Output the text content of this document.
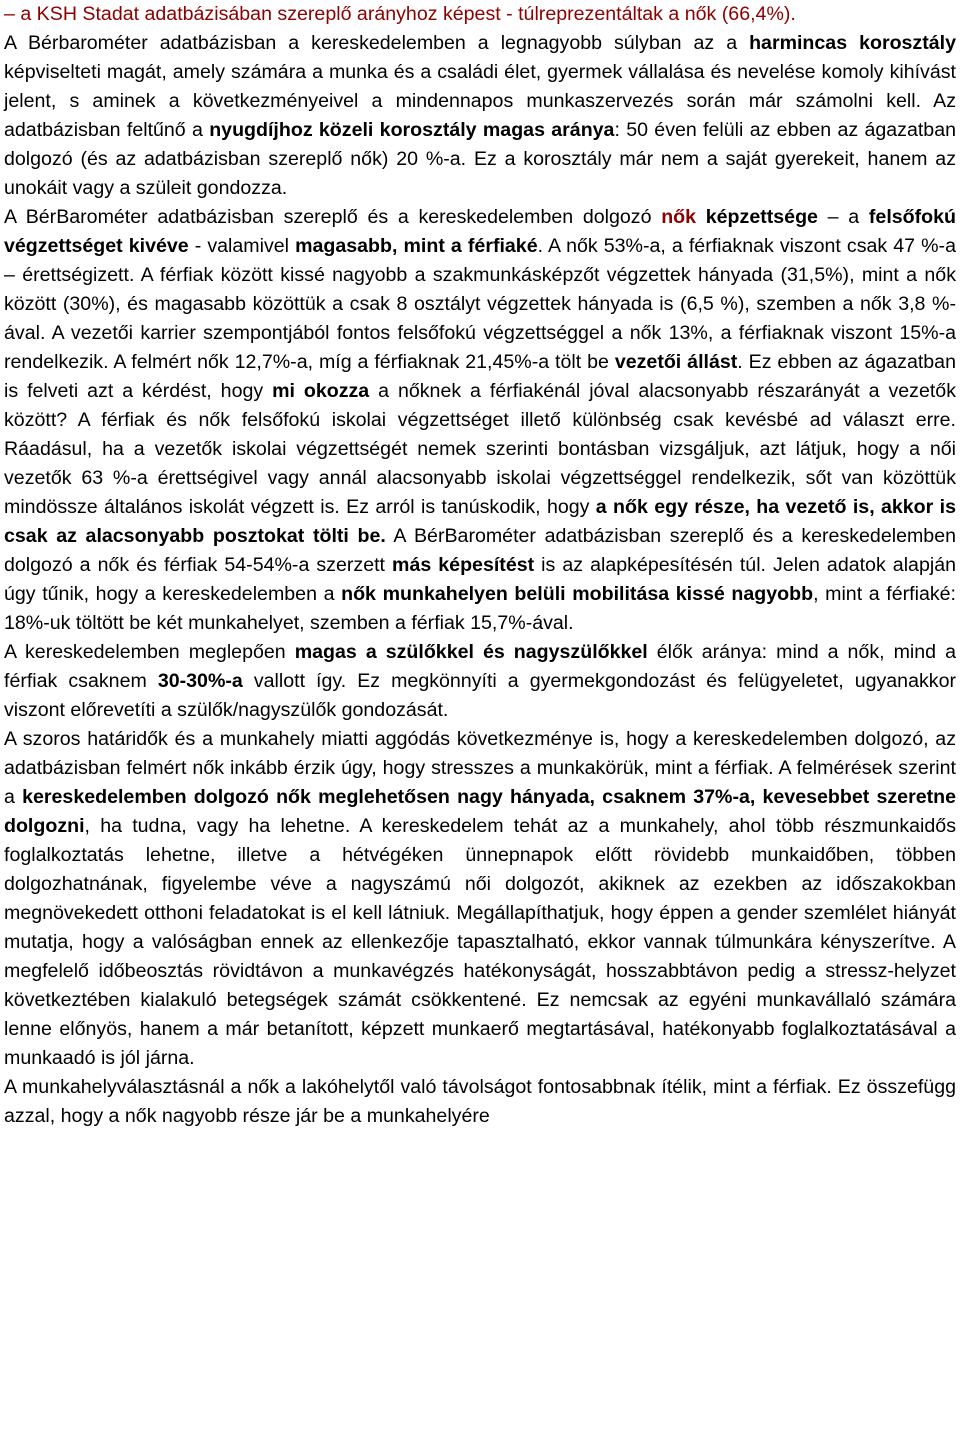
– a KSH Stadat adatbázisában szereplő arányhoz képest - túlreprezentáltak a nők (66,4%).

A Bérbarométer adatbázisban a kereskedelemben a legnagyobb súlyban az a harmincas korosztály képviselteti magát, amely számára a munka és a családi élet, gyermek vállalása és nevelése komoly kihívást jelent, s aminek a következményeivel a mindennapos munkaszervezés során már számolni kell. Az adatbázisban feltűnő a nyugdíjhoz közeli korosztály magas aránya: 50 éven felüli az ebben az ágazatban dolgozó (és az adatbázisban szereplő nők) 20 %-a. Ez a korosztály már nem a saját gyerekeit, hanem az unokáit vagy a szüleit gondozza.

A BérBarométer adatbázisban szereplő és a kereskedelemben dolgozó nők képzettsége – a felsőfokú végzettséget kivéve - valamivel magasabb, mint a férfiaké. A nők 53%-a, a férfiaknak viszont csak 47 %-a – érettségizett. A férfiak között kissé nagyobb a szakmunkásképzőt végzettek hányada (31,5%), mint a nők között (30%), és magasabb közöttük a csak 8 osztályt végzettek hányada is (6,5 %), szemben a nők 3,8 %-ával. A vezetői karrier szempontjából fontos felsőfokú végzettséggel a nők 13%, a férfiaknak viszont 15%-a rendelkezik. A felmért nők 12,7%-a, míg a férfiaknak 21,45%-a tölt be vezetői állást. Ez ebben az ágazatban is felveti azt a kérdést, hogy mi okozza a nőknek a férfiakénál jóval alacsonyabb részarányát a vezetők között? A férfiak és nők felsőfokú iskolai végzettséget illető különbség csak kevésbé ad választ erre. Ráadásul, ha a vezetők iskolai végzettségét nemek szerinti bontásban vizsgáljuk, azt látjuk, hogy a női vezetők 63 %-a érettségivel vagy annál alacsonyabb iskolai végzettséggel rendelkezik, sőt van közöttük mindössze általános iskolát végzett is. Ez arról is tanúskodik, hogy a nők egy része, ha vezető is, akkor is csak az alacsonyabb posztokat tölti be. A BérBarométer adatbázisban szereplő és a kereskedelemben dolgozó a nők és férfiak 54-54%-a szerzett más képesítést is az alapképesítésén túl. Jelen adatok alapján úgy tűnik, hogy a kereskedelemben a nők munkahelyen belüli mobilitása kissé nagyobb, mint a férfiaké: 18%-uk töltött be két munkahelyet, szemben a férfiak 15,7%-ával.

A kereskedelemben meglepően magas a szülőkkel és nagyszülőkkel élők aránya: mind a nők, mind a férfiak csaknem 30-30%-a vallott így. Ez megkönnyíti a gyermekgondozást és felügyeletet, ugyanakkor viszont előrevetíti a szülők/nagyszülők gondozását.

A szoros határidők és a munkahely miatti aggódás következménye is, hogy a kereskedelemben dolgozó, az adatbázisban felmért nők inkább érzik úgy, hogy stresszes a munkakörük, mint a férfiak. A felmérések szerint a kereskedelemben dolgozó nők meglehetősen nagy hányada, csaknem 37%-a, kevesebbet szeretne dolgozni, ha tudna, vagy ha lehetne. A kereskedelem tehát az a munkahely, ahol több részmunkaidős foglalkoztatás lehetne, illetve a hétvégéken ünnepnapok előtt rövidebb munkaidőben, többen dolgozhatnának, figyelembe véve a nagyszámú női dolgozót, akiknek az ezekben az időszakokban megnövekedett otthoni feladatokat is el kell látniuk. Megállapíthatjuk, hogy éppen a gender szemlélet hiányát mutatja, hogy a valóságban ennek az ellenkezője tapasztalható, ekkor vannak túlmunkára kényszerítve. A megfelelő időbeosztás rövidtávon a munkavégzés hatékonyságát, hosszabbtávon pedig a stressz-helyzet következtében kialakuló betegségek számát csökkentené. Ez nemcsak az egyéni munkavállaló számára lenne előnyös, hanem a már betanított, képzett munkaerő megtartásával, hatékonyabb foglalkoztatásával a munkaadó is jól járna.

A munkahelyválasztásnál a nők a lakóhelytől való távolságot fontosabbnak ítélik, mint a férfiak. Ez összefügg azzal, hogy a nők nagyobb része jár be a munkahelyére
